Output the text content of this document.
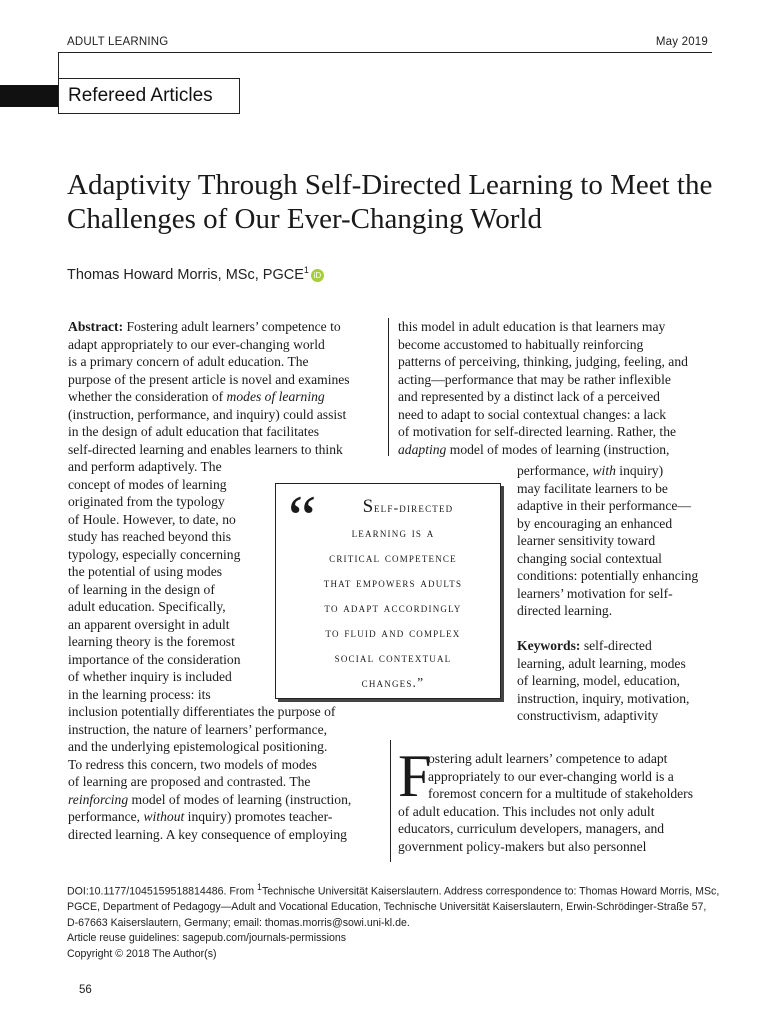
ADULT LEARNING	May 2019
Refereed Articles
Adaptivity Through Self-Directed Learning to Meet the
Challenges of Our Ever-Changing World
Thomas Howard Morris, MSc, PGCE$^1$iD
Abstract: Fostering adult learners’ competence to
adapt appropriately to our ever-changing world
is a primary concern of adult education. The
purpose of the present article is novel and examines
whether the consideration of modes of learning
(instruction, performance, and inquiry) could assist
in the design of adult education that facilitates
self-directed learning and enables learners to think
and perform adaptively. The
concept of modes of learning
originated from the typology
of Houle. However, to date, no
study has reached beyond this
typology, especially concerning
the potential of using modes
of learning in the design of
adult education. Specifically,
an apparent oversight in adult
learning theory is the foremost
importance of the consideration
of whether inquiry is included
in the learning process: its
inclusion potentially differentiates the purpose of
instruction, the nature of learners’ performance,
and the underlying epistemological positioning.
To redress this concern, two models of modes
of learning are proposed and contrasted. The
reinforcing model of modes of learning (instruction,
performance, without inquiry) promotes teacher-
directed learning. A key consequence of employing
this model in adult education is that learners may
become accustomed to habitually reinforcing
patterns of perceiving, thinking, judging, feeling, and
acting—performance that may be rather inflexible
and represented by a distinct lack of a perceived
need to adapt to social contextual changes: a lack
of motivation for self-directed learning. Rather, the
adapting model of modes of learning (instruction,
performance, with inquiry)
may facilitate learners to be
adaptive in their performance—
by encouraging an enhanced
learner sensitivity toward
changing social contextual
conditions: potentially enhancing
learners’ motivation for self-
directed learning.
“	Self-directed
learning is a
critical competence
that empowers adults
to adapt accordingly
to fluid and complex
social contextual
changes.”
Keywords: self-directed
learning, adult learning, modes
of learning, model, education,
instruction, inquiry, motivation,
constructivism, adaptivity
F
ostering adult learners’ competence to adapt
appropriately to our ever-changing world is a
foremost concern for a multitude of stakeholders
of adult education. This includes not only adult
educators, curriculum developers, managers, and
government policy-makers but also personnel
DOI:10.1177/1045159518814486. From $^1$Technische Universität Kaiserslautern. Address correspondence to: Thomas Howard Morris, MSc,
PGCE, Department of Pedagogy—Adult and Vocational Education, Technische Universität Kaiserslautern, Erwin-Schrödinger-Straße 57,
D-67663 Kaiserslautern, Germany; email: thomas.morris@sowi.uni-kl.de.
Article reuse guidelines: sagepub.com/journals-permissions
Copyright © 2018 The Author(s)
56
